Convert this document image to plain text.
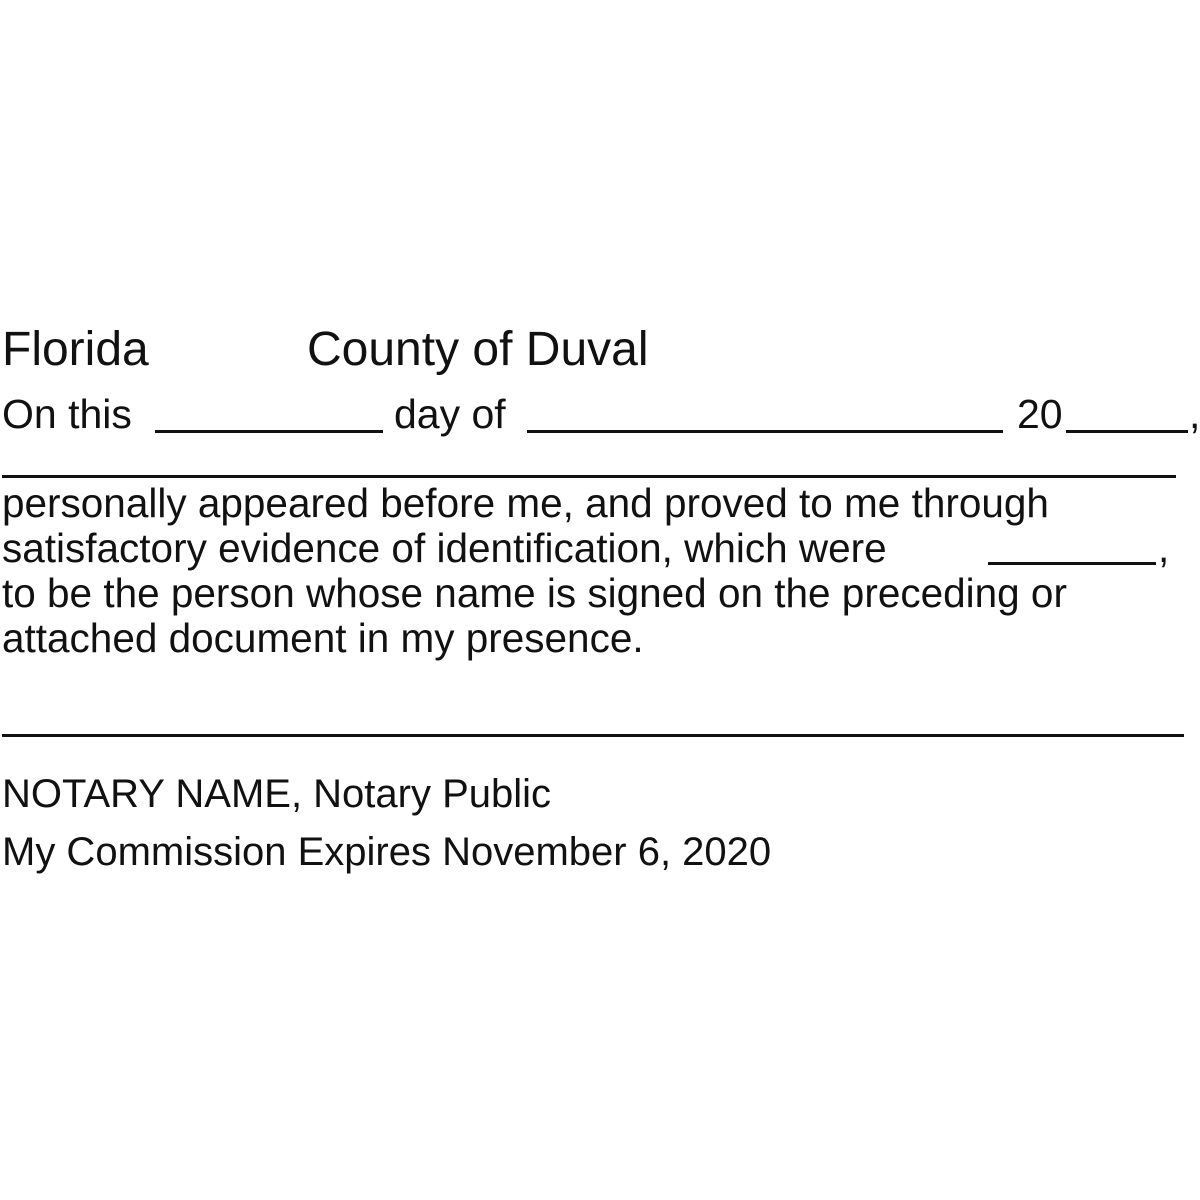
Florida	County of Duval
On this	day of	20	,
personally appeared before me, and proved to me through
satisfactory evidence of identification, which were	,
to be the person whose name is signed on the preceding or
attached document in my presence.
NOTARY NAME, Notary Public
My Commission Expires November 6, 2020
